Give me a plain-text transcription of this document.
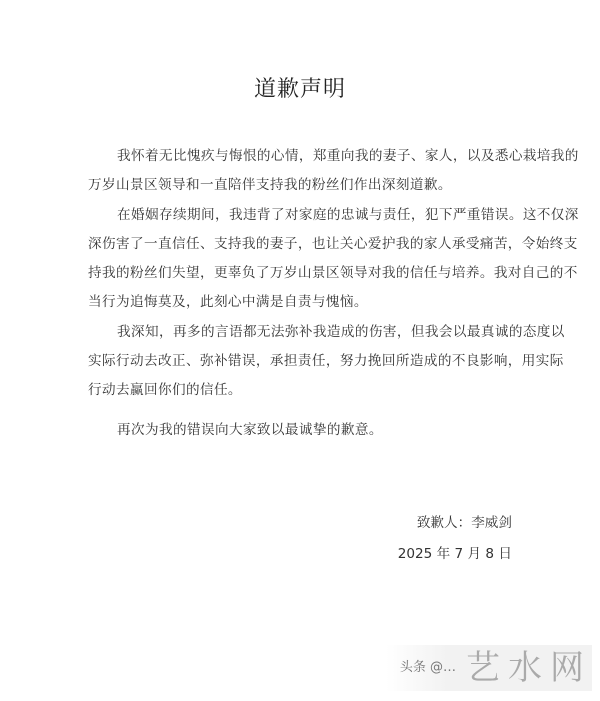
道歉声明
我怀着无比愧疚与悔恨的心情，郑重向我的妻子、家人，以及悉心栽培我的
万岁山景区领导和一直陪伴支持我的粉丝们作出深刻道歉。
在婚姻存续期间，我违背了对家庭的忠诚与责任，犯下严重错误。这不仅深
深伤害了一直信任、支持我的妻子，也让关心爱护我的家人承受痛苦，令始终支
持我的粉丝们失望，更辜负了万岁山景区领导对我的信任与培养。我对自己的不
当行为追悔莫及，此刻心中满是自责与愧恼。
我深知，再多的言语都无法弥补我造成的伤害，但我会以最真诚的态度以
实际行动去改正、弥补错误，承担责任，努力挽回所造成的不良影响，用实际
行动去赢回你们的信任。
再次为我的错误向大家致以最诚挚的歉意。
致歉人：李威剑
2025 年 7 月 8 日
头条 @… 艺水网
